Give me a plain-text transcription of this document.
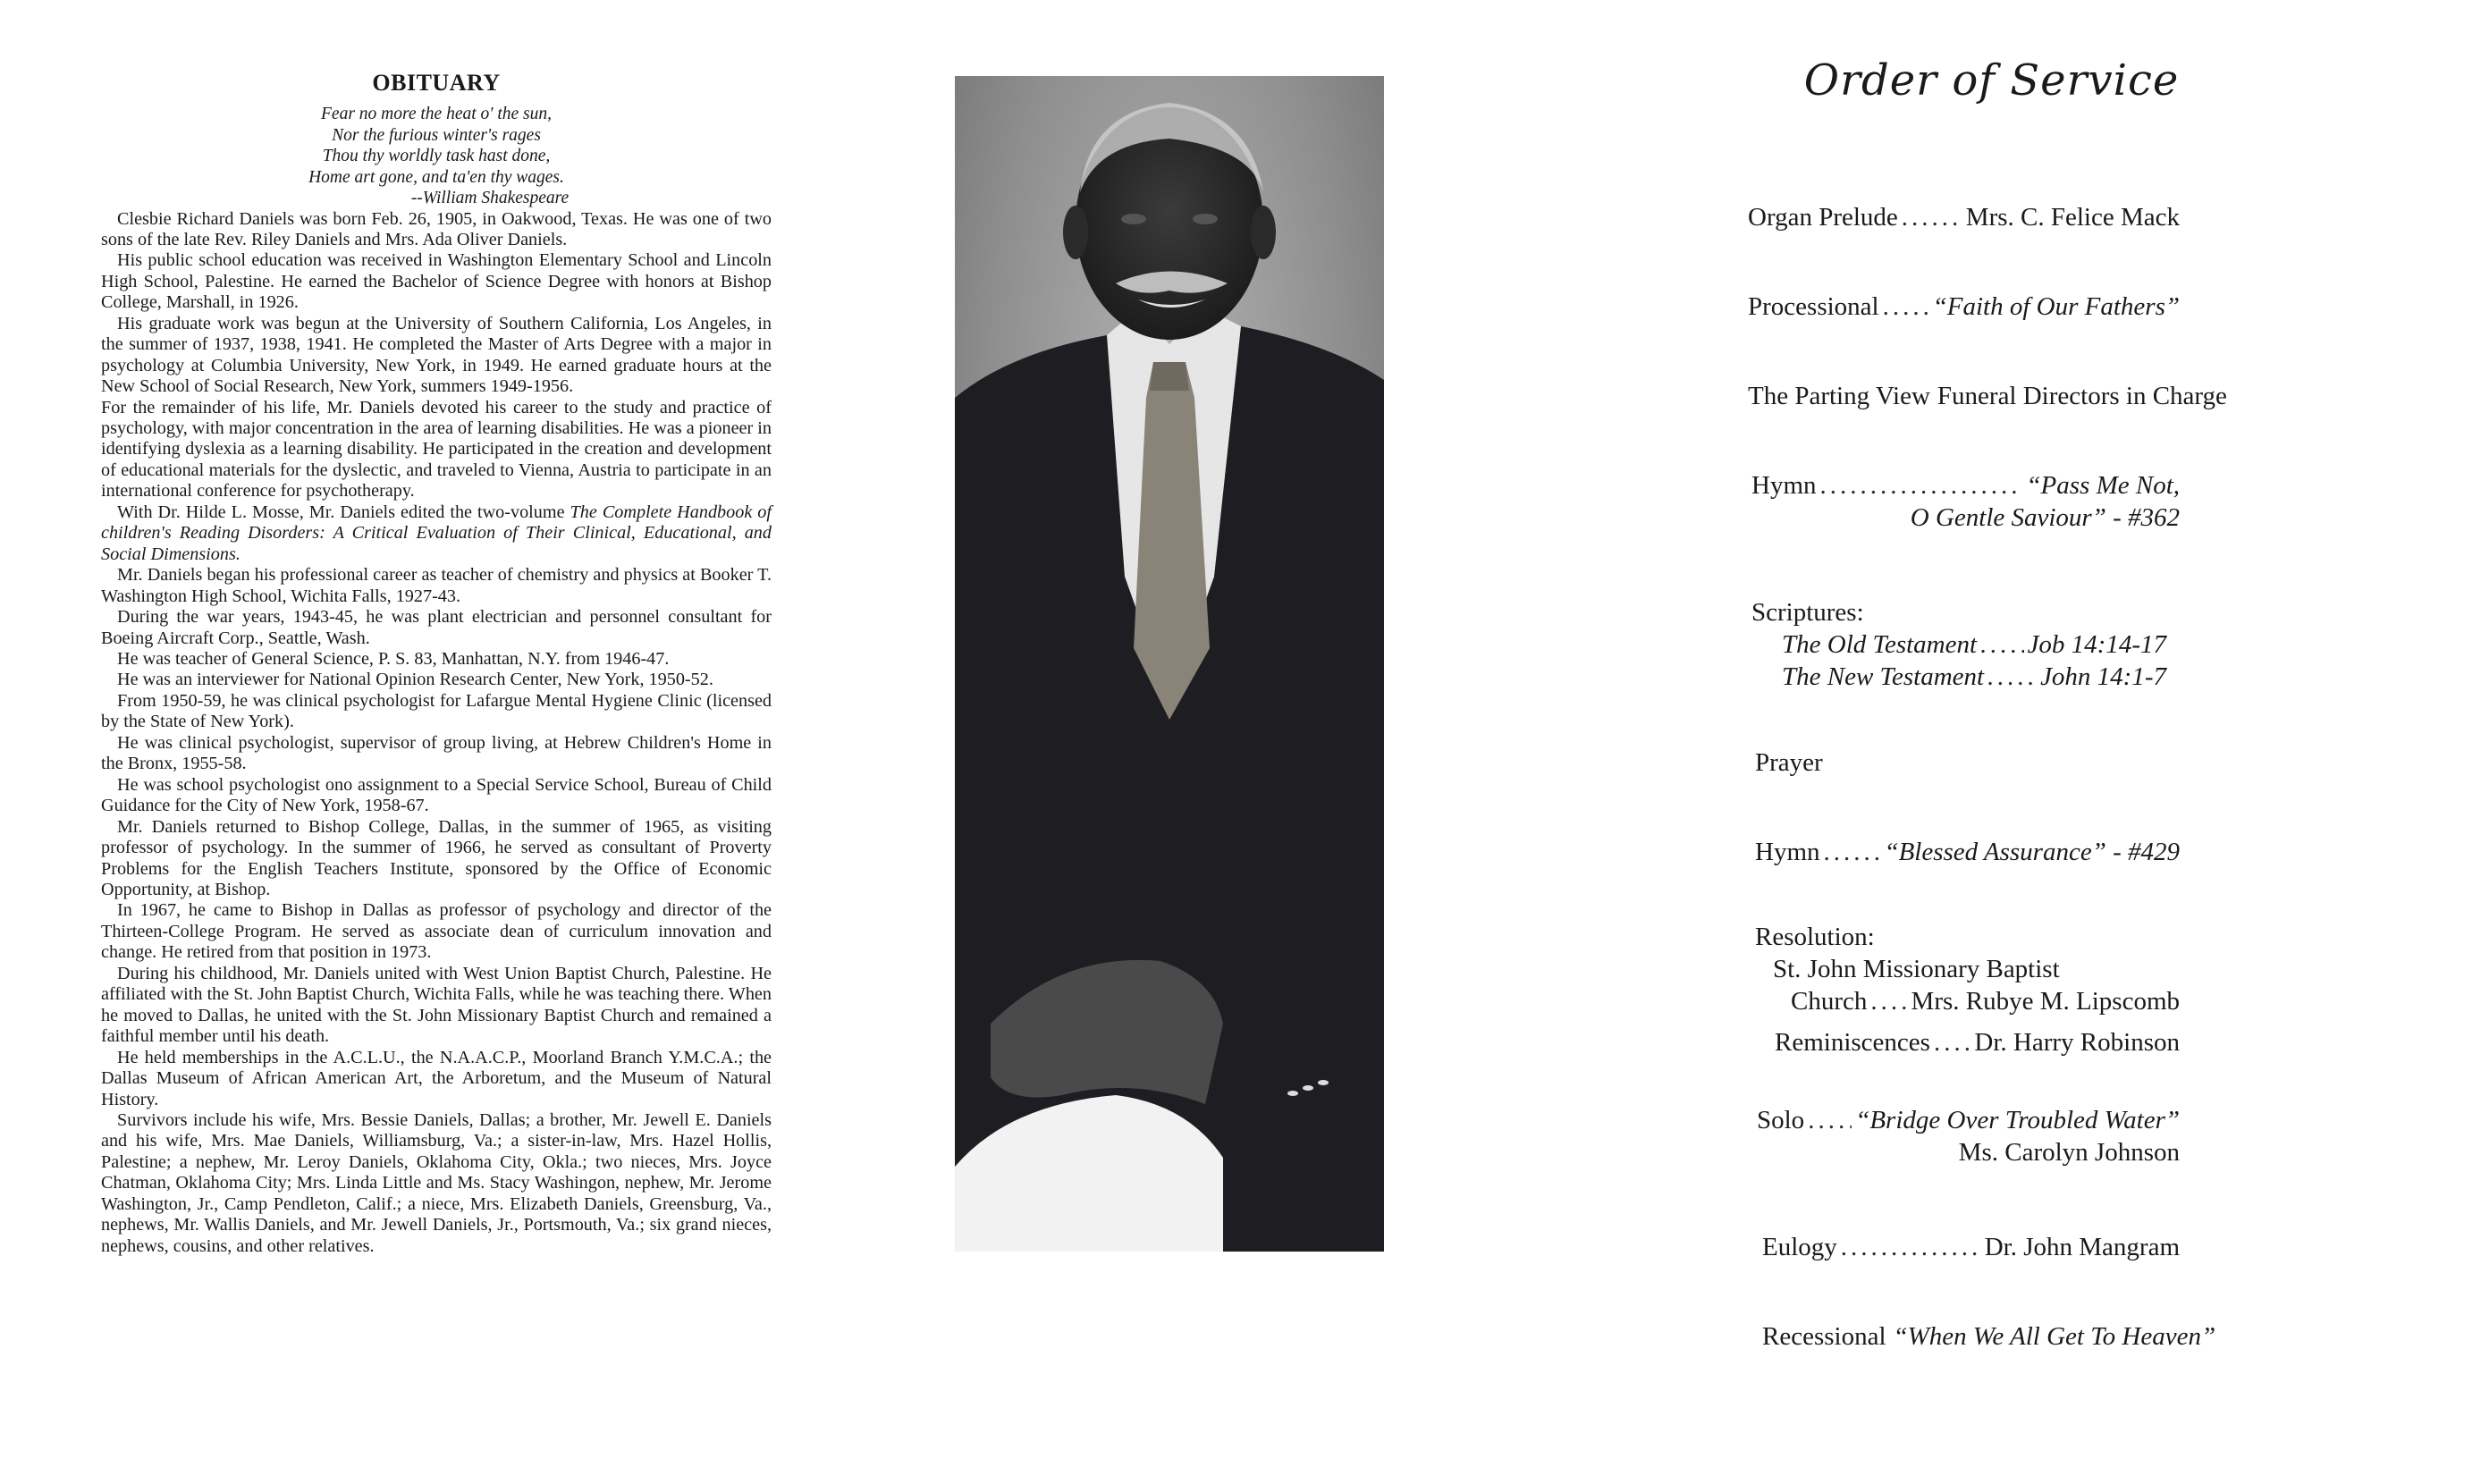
OBITUARY
Fear no more the heat o' the sun,
Nor the furious winter's rages
Thou thy worldly task hast done,
Home art gone, and ta'en thy wages.
--William Shakespeare

Clesbie Richard Daniels was born Feb. 26, 1905, in Oakwood, Texas. He was one of two sons of the late Rev. Riley Daniels and Mrs. Ada Oliver Daniels.

His public school education was received in Washington Elementary School and Lincoln High School, Palestine. He earned the Bachelor of Science Degree with honors at Bishop College, Marshall, in 1926.

His graduate work was begun at the University of Southern California, Los Angeles, in the summer of 1937, 1938, 1941. He completed the Master of Arts Degree with a major in psychology at Columbia University, New York, in 1949. He earned graduate hours at the New School of Social Research, New York, summers 1949-1956.

For the remainder of his life, Mr. Daniels devoted his career to the study and practice of psychology, with major concentration in the area of learning disabilities. He was a pioneer in identifying dyslexia as a learning disability. He participated in the creation and development of educational materials for the dyslectic, and traveled to Vienna, Austria to participate in an international conference for psychotherapy.

With Dr. Hilde L. Mosse, Mr. Daniels edited the two-volume The Complete Handbook of children's Reading Disorders: A Critical Evaluation of Their Clinical, Educational, and Social Dimensions.

Mr. Daniels began his professional career as teacher of chemistry and physics at Booker T. Washington High School, Wichita Falls, 1927-43.

During the war years, 1943-45, he was plant electrician and personnel consultant for Boeing Aircraft Corp., Seattle, Wash.

He was teacher of General Science, P. S. 83, Manhattan, N.Y. from 1946-47.

He was an interviewer for National Opinion Research Center, New York, 1950-52.

From 1950-59, he was clinical psychologist for Lafargue Mental Hygiene Clinic (licensed by the State of New York).

He was clinical psychologist, supervisor of group living, at Hebrew Children's Home in the Bronx, 1955-58.

He was school psychologist ono assignment to a Special Service School, Bureau of Child Guidance for the City of New York, 1958-67.

Mr. Daniels returned to Bishop College, Dallas, in the summer of 1965, as visiting professor of psychology. In the summer of 1966, he served as consultant of Proverty Problems for the English Teachers Institute, sponsored by the Office of Economic Opportunity, at Bishop.

In 1967, he came to Bishop in Dallas as professor of psychology and director of the Thirteen-College Program. He served as associate dean of curriculum innovation and change. He retired from that position in 1973.

During his childhood, Mr. Daniels united with West Union Baptist Church, Palestine. He affiliated with the St. John Baptist Church, Wichita Falls, while he was teaching there. When he moved to Dallas, he united with the St. John Missionary Baptist Church and remained a faithful member until his death.

He held memberships in the A.C.L.U., the N.A.A.C.P., Moorland Branch Y.M.C.A.; the Dallas Museum of African American Art, the Arboretum, and the Museum of Natural History.

Survivors include his wife, Mrs. Bessie Daniels, Dallas; a brother, Mr. Jewell E. Daniels and his wife, Mrs. Mae Daniels, Williamsburg, Va.; a sister-in-law, Mrs. Hazel Hollis, Palestine; a nephew, Mr. Leroy Daniels, Oklahoma City, Okla.; two nieces, Mrs. Joyce Chatman, Oklahoma City; Mrs. Linda Little and Ms. Stacy Washingon, nephew, Mr. Jerome Washington, Jr., Camp Pendleton, Calif.; a niece, Mrs. Elizabeth Daniels, Greensburg, Va., nephews, Mr. Wallis Daniels, and Mr. Jewell Daniels, Jr., Portsmouth, Va.; six grand nieces, nephews, cousins, and other relatives.

Order of Service
Organ Prelude .....	Mrs. C. Felice Mack
Processional ..... “Faith of Our Fathers”
The Parting View Funeral Directors in Charge
Hymn .....	“Pass Me Not,
O Gentle Saviour” - #362
Scriptures:
The Old Testament ..... Job 14:14-17
The New Testament ..... John 14:1-7
Prayer
Hymn ..... “Blessed Assurance” - #429
Resolution:
St. John Missionary Baptist
Church ..... Mrs. Rubye M. Lipscomb
Reminiscences ..... Dr. Harry Robinson
Solo ..... “Bridge Over Troubled Water”
Ms. Carolyn Johnson
Eulogy .....	Dr. John Mangram
Recessional “When We All Get To Heaven”
